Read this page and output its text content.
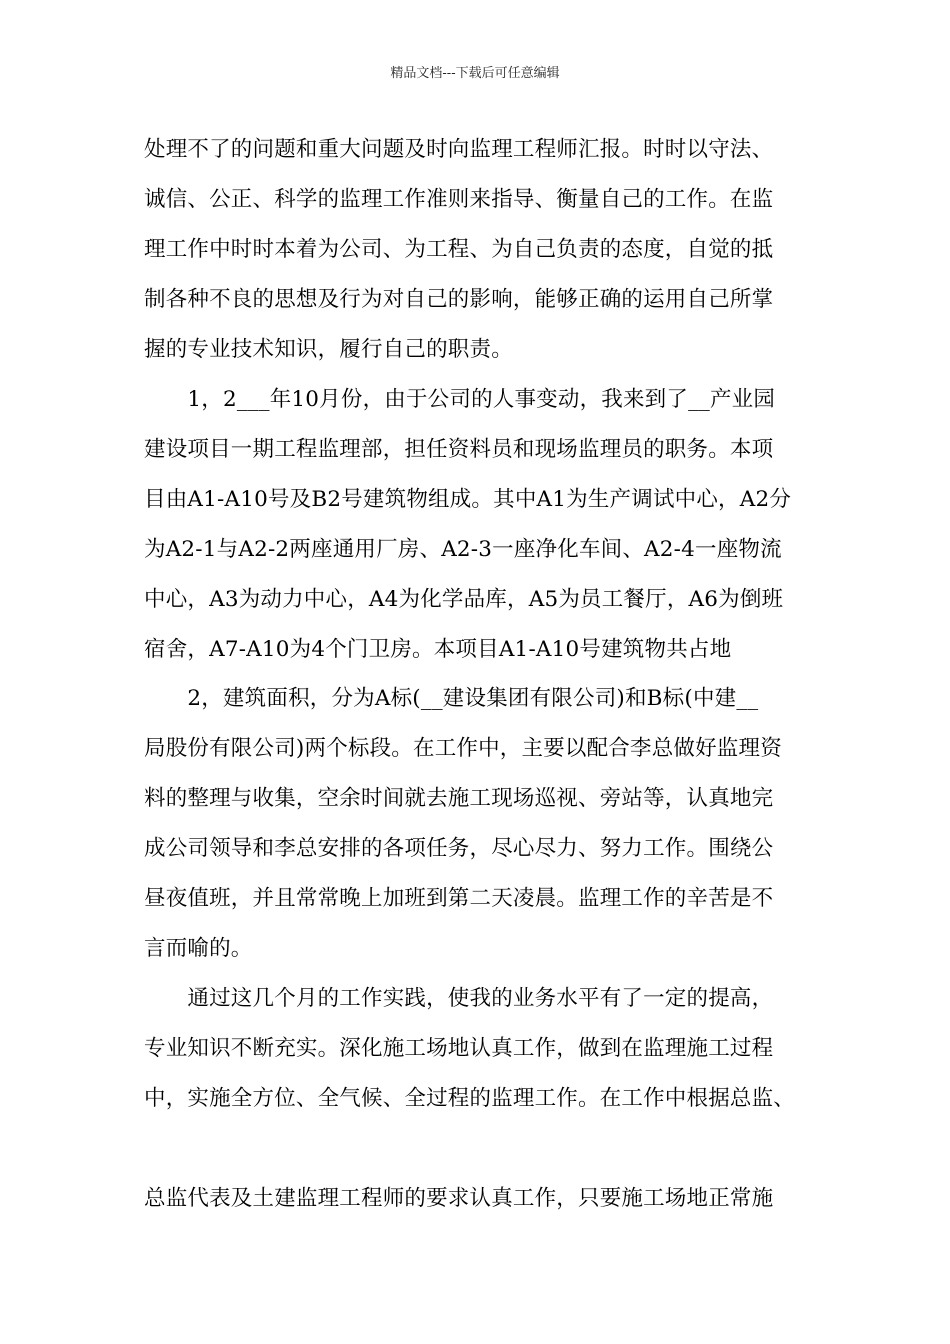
精品文档---下载后可任意编辑
处理不了的问题和重大问题及时向监理工程师汇报。时时以守法、
诚信、公正、科学的监理工作准则来指导、衡量自己的工作。在监
理工作中时时本着为公司、为工程、为自己负责的态度，自觉的抵
制各种不良的思想及行为对自己的影响，能够正确的运用自己所掌
握的专业技术知识，履行自己的职责。
　　1，2___年10月份，由于公司的人事变动，我来到了__产业园
建设项目一期工程监理部，担任资料员和现场监理员的职务。本项
目由A1-A10号及B2号建筑物组成。其中A1为生产调试中心，A2分
为A2-1与A2-2两座通用厂房、A2-3一座净化车间、A2-4一座物流
中心，A3为动力中心，A4为化学品库，A5为员工餐厅，A6为倒班
宿舍，A7-A10为4个门卫房。本项目A1-A10号建筑物共占地
　　2，建筑面积，分为A标(__建设集团有限公司)和B标(中建__
局股份有限公司)两个标段。在工作中，主要以配合李总做好监理资
料的整理与收集，空余时间就去施工现场巡视、旁站等，认真地完
成公司领导和李总安排的各项任务，尽心尽力、努力工作。围绕公
昼夜值班，并且常常晚上加班到第二天凌晨。监理工作的辛苦是不
言而喻的。
　　通过这几个月的工作实践，使我的业务水平有了一定的提高，
专业知识不断充实。深化施工场地认真工作，做到在监理施工过程
中，实施全方位、全气候、全过程的监理工作。在工作中根据总监、
总监代表及土建监理工程师的要求认真工作，只要施工场地正常施
